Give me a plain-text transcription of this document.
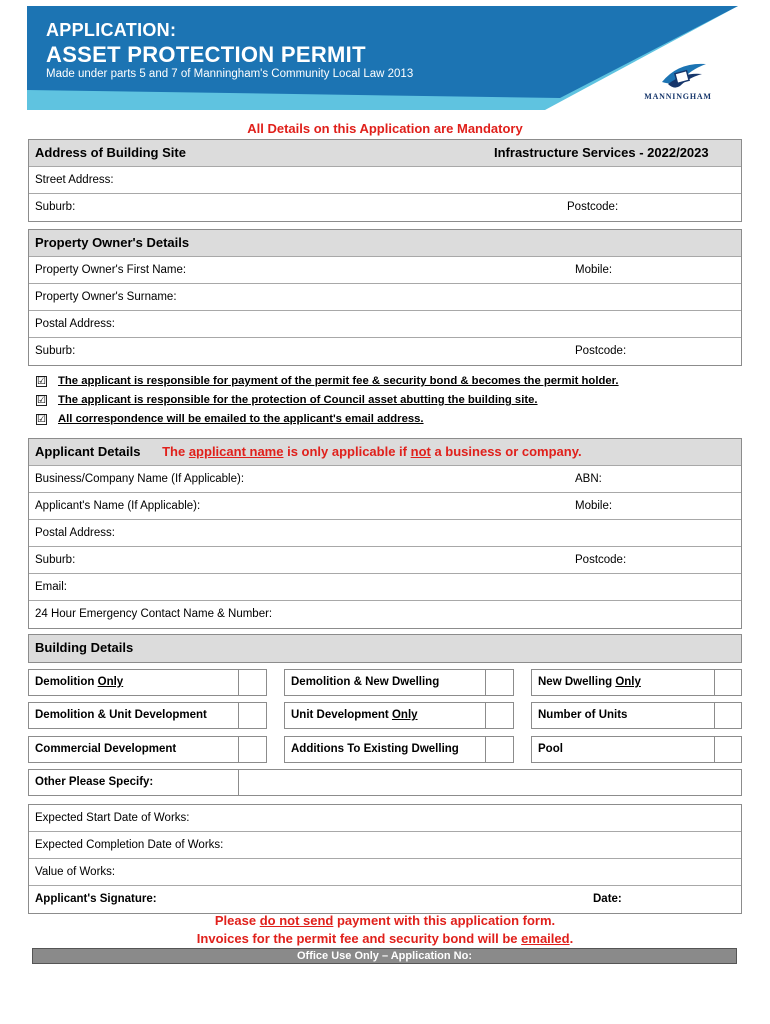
APPLICATION:
ASSET PROTECTION PERMIT
Made under parts 5 and 7 of Manningham's Community Local Law 2013
MANNINGHAM
All Details on this Application are Mandatory
Address of Building Site	Infrastructure Services - 2022/2023
Street Address:
Suburb:	Postcode:
Property Owner's Details
Property Owner's First Name:	Mobile:
Property Owner's Surname:
Postal Address:
Suburb:	Postcode:
☑ The applicant is responsible for payment of the permit fee & security bond & becomes the permit holder.
☑ The applicant is responsible for the protection of Council asset abutting the building site.
☑ All correspondence will be emailed to the applicant's email address.
Applicant Details The applicant name is only applicable if not a business or company.
Business/Company Name (If Applicable):	ABN:
Applicant's Name (If Applicable):	Mobile:
Postal Address:
Suburb:	Postcode:
Email:
24 Hour Emergency Contact Name & Number:
Building Details
Demolition Only	Demolition & New Dwelling	New Dwelling Only
Demolition & Unit Development	Unit Development Only	Number of Units
Commercial Development	Additions To Existing Dwelling	Pool
Other Please Specify:
Expected Start Date of Works:
Expected Completion Date of Works:
Value of Works:
Applicant's Signature:	Date:
Please do not send payment with this application form.
Invoices for the permit fee and security bond will be emailed.
Office Use Only – Application No:
